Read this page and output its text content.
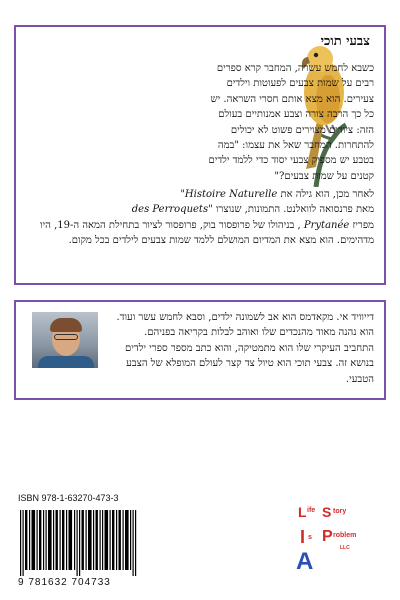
צבעי תוכי
כשבא לחמש עשרה, המחבר קרא ספרים רבים על שמות צבעים לפעוטות וילדים צעירים. הוא מצא אותם חסרי השראה. יש כל כך הרבה צורה וצבע אמנותיים בעולם הזה: ציורים מצוירים פשוט לא יכולים להתחרות. המחבר שאל את עצמו: "במה בטבע יש מספיק צבעי יסוד כדי ללמד ילדים קטנים על שמות צבעים?"
לאחר מכן, הוא גילה את "Histoire Naturelle
מאת פרנסואה לוואלנט. התמונות, שנוצרו des Perroquets"
מפריז Prytanée , בניהולו של פרופסור בוק, פרופסור לציור בתחילת המאה ה-19, היו מדהימים. הוא מצא את המדיום המושלם ללמד שמות צבעים לילדים בכל מקום.
דייוויד אי. מקאדמס הוא אב לשמונה ילדים, וסבא לחמש עשר ועוד. הוא נהנה מאוד מהנכדים שלו ואוהב לבלות בקריאה בפניהם. התחביב העיקרי שלו הוא מתמטיקה, והוא כתב מספר ספרי ילדים בנושא זה. צבעי תוכי הוא טיול צד קצר לעולם המופלא של הצבע הטבעי.
ISBN 978-1-63270-473-3
9 781632 704733
L ife S tory
I s P roblem
A	LLC
